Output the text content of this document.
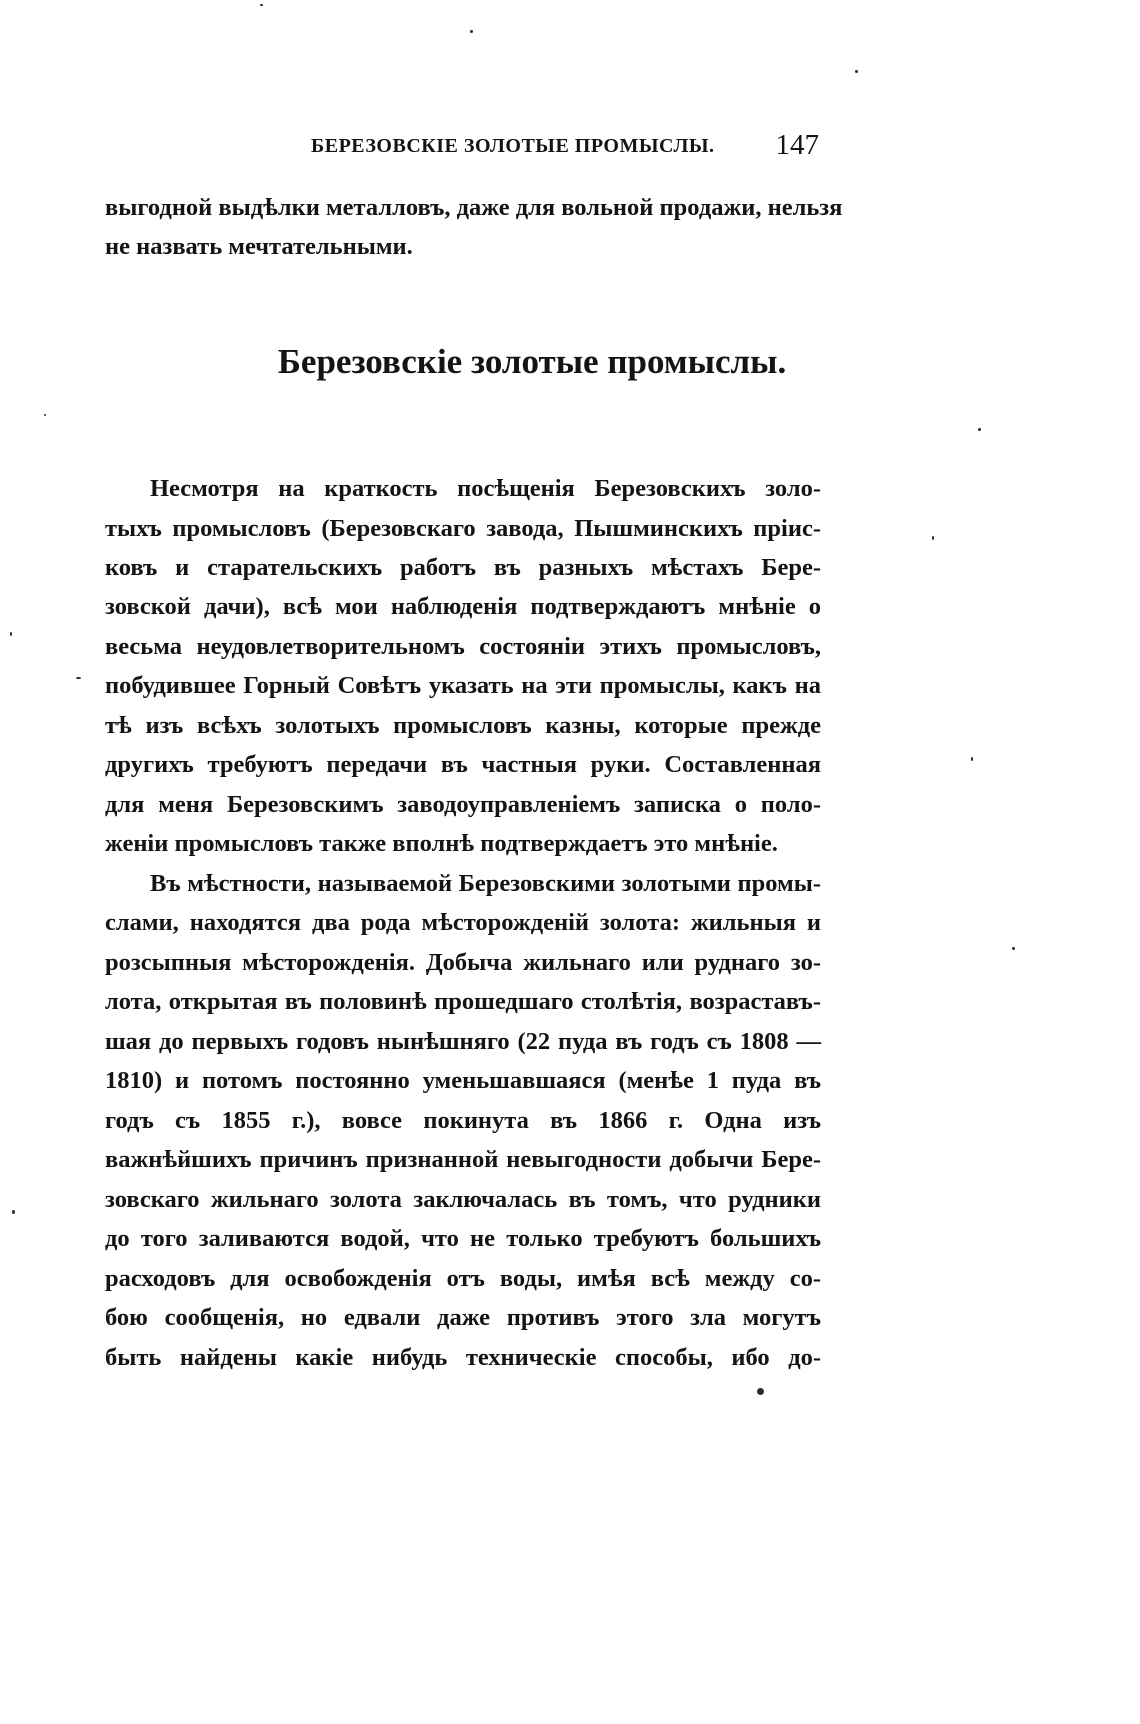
БЕРЕЗОВСКІЕ ЗОЛОТЫЕ ПРОМЫСЛЫ. 147
выгодной выдѣлки металловъ, даже для вольной продажи, нельзя
не назвать мечтательными.
Березовскіе золотые промыслы.
Несмотря на краткость посѣщенія Березовскихъ золо-
тыхъ промысловъ (Березовскаго завода, Пышминскихъ пріис-
ковъ и старательскихъ работъ въ разныхъ мѣстахъ Бере-
зовской дачи), всѣ мои наблюденія подтверждаютъ мнѣніе о
весьма неудовлетворительномъ состояніи этихъ промысловъ,
побудившее Горный Совѣтъ указать на эти промыслы, какъ на
тѣ изъ всѣхъ золотыхъ промысловъ казны, которые прежде
другихъ требуютъ передачи въ частныя руки. Составленная
для меня Березовскимъ заводоуправленіемъ записка о поло-
женіи промысловъ также вполнѣ подтверждаетъ это мнѣніе.
Въ мѣстности, называемой Березовскими золотыми промы-
слами, находятся два рода мѣсторожденій золота: жильныя и
розсыпныя мѣсторожденія. Добыча жильнаго или руднаго зо-
лота, открытая въ половинѣ прошедшаго столѣтія, возраставъ-
шая до первыхъ годовъ нынѣшняго (22 пуда въ годъ съ 1808 —
1810) и потомъ постоянно уменьшавшаяся (менѣе 1 пуда въ
годъ съ 1855 г.), вовсе покинута въ 1866 г. Одна изъ
важнѣйшихъ причинъ признанной невыгодности добычи Бере-
зовскаго жильнаго золота заключалась въ томъ, что рудники
до того заливаются водой, что не только требуютъ большихъ
расходовъ для освобожденія отъ воды, имѣя всѣ между со-
бою сообщенія, но едвали даже противъ этого зла могутъ
быть найдены какіе нибудь техническіе способы, ибо до-
